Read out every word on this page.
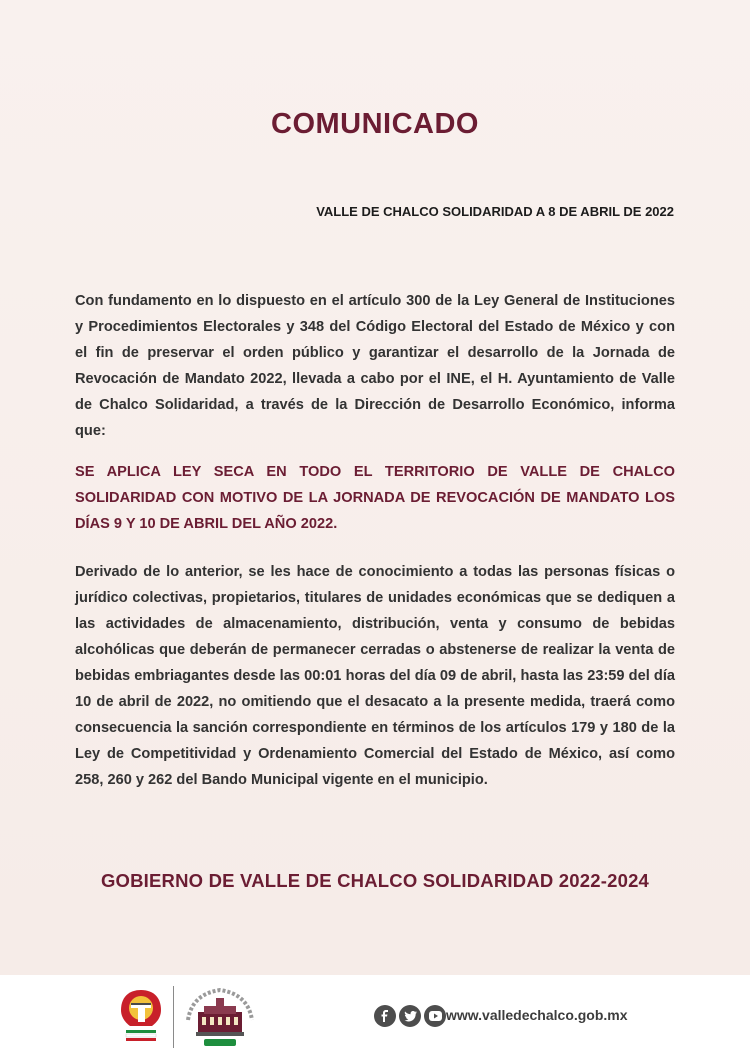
COMUNICADO
VALLE DE CHALCO SOLIDARIDAD A 8 DE ABRIL DE 2022
Con fundamento en lo dispuesto en el artículo 300 de la Ley General de Instituciones y Procedimientos Electorales y 348 del Código Electoral del Estado de México y con el fin de preservar el orden público y garantizar el desarrollo de la Jornada de Revocación de Mandato 2022, llevada a cabo por el INE, el H. Ayuntamiento de Valle de Chalco Solidaridad, a través de la Dirección de Desarrollo Económico, informa que:
SE APLICA LEY SECA EN TODO EL TERRITORIO DE VALLE DE CHALCO SOLIDARIDAD CON MOTIVO DE LA JORNADA DE REVOCACIÓN DE MANDATO LOS DÍAS 9 Y 10 DE ABRIL DEL AÑO 2022.
Derivado de lo anterior, se les hace de conocimiento a todas las personas físicas o jurídico colectivas, propietarios, titulares de unidades económicas que se dediquen a las actividades de almacenamiento, distribución, venta y consumo de bebidas alcohólicas que deberán de permanecer cerradas o abstenerse de realizar la venta de bebidas embriagantes desde las 00:01 horas del día 09 de abril, hasta las 23:59 del día 10 de abril de 2022, no omitiendo que el desacato a la presente medida, traerá como consecuencia la sanción correspondiente en términos de los artículos 179 y 180 de la Ley de Competitividad y Ordenamiento Comercial del Estado de México, así como 258, 260 y 262 del Bando Municipal vigente en el municipio.
GOBIERNO DE VALLE DE CHALCO SOLIDARIDAD 2022-2024
www.valledechalco.gob.mx
